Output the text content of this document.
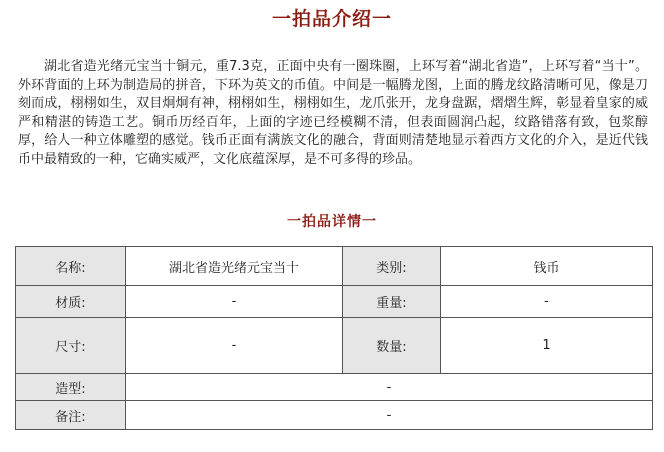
一拍品介绍一

湖北省造光绪元宝当十铜元，重7.3克，正面中央有一圈珠圈，上环写着“湖北省造”，上环写着“当十”。外环背面的上环为制造局的拼音，下环为英文的币值。中间是一幅腾龙图，上面的腾龙纹路清晰可见，像是刀刻而成，栩栩如生，双目炯炯有神，栩栩如生，栩栩如生，龙爪张开，龙身盘踞，熠熠生辉，彰显着皇家的威严和精湛的铸造工艺。铜币历经百年，上面的字迹已经模糊不清，但表面圆润凸起，纹路错落有致，包浆醇厚，给人一种立体雕塑的感觉。钱币正面有满族文化的融合，背面则清楚地显示着西方文化的介入，是近代钱币中最精致的一种，它确实威严，文化底蕴深厚，是不可多得的珍品。

一拍品详情一
名称:	湖北省造光绪元宝当十	类别:	钱币
材质:	-	重量:	-
尺寸:	-	数量:	1
造型:	-		
备注:	-		
